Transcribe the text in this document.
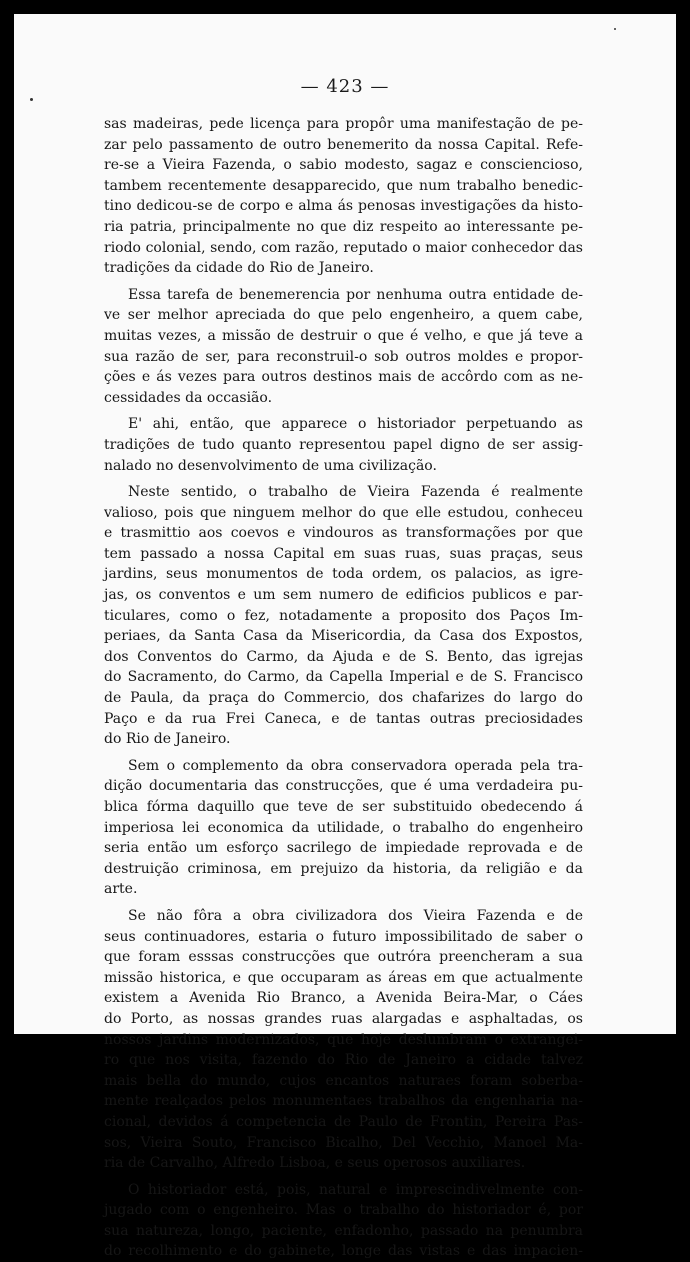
— 423 —
sas madeiras, pede licença para propôr uma manifestação de pe-
zar pelo passamento de outro benemerito da nossa Capital. Refe-
re-se a Vieira Fazenda, o sabio modesto, sagaz e consciencioso,
tambem recentemente desapparecido, que num trabalho benedic-
tino dedicou-se de corpo e alma ás penosas investigações da histo-
ria patria, principalmente no que diz respeito ao interessante pe-
riodo colonial, sendo, com razão, reputado o maior conhecedor das
tradições da cidade do Rio de Janeiro.
Essa tarefa de benemerencia por nenhuma outra entidade de-
ve ser melhor apreciada do que pelo engenheiro, a quem cabe,
muitas vezes, a missão de destruir o que é velho, e que já teve a
sua razão de ser, para reconstruil-o sob outros moldes e propor-
ções e ás vezes para outros destinos mais de accôrdo com as ne-
cessidades da occasião.
E' ahi, então, que apparece o historiador perpetuando as
tradições de tudo quanto representou papel digno de ser assig-
nalado no desenvolvimento de uma civilização.
Neste sentido, o trabalho de Vieira Fazenda é realmente
valioso, pois que ninguem melhor do que elle estudou, conheceu
e trasmittio aos coevos e vindouros as transformações por que
tem passado a nossa Capital em suas ruas, suas praças, seus
jardins, seus monumentos de toda ordem, os palacios, as igre-
jas, os conventos e um sem numero de edificios publicos e par-
ticulares, como o fez, notadamente a proposito dos Paços Im-
periaes, da Santa Casa da Misericordia, da Casa dos Expostos,
dos Conventos do Carmo, da Ajuda e de S. Bento, das igrejas
do Sacramento, do Carmo, da Capella Imperial e de S. Francisco
de Paula, da praça do Commercio, dos chafarizes do largo do
Paço e da rua Frei Caneca, e de tantas outras preciosidades
do Rio de Janeiro.
Sem o complemento da obra conservadora operada pela tra-
dição documentaria das construcções, que é uma verdadeira pu-
blica fórma daquillo que teve de ser substituido obedecendo á
imperiosa lei economica da utilidade, o trabalho do engenheiro
seria então um esforço sacrilego de impiedade reprovada e de
destruição criminosa, em prejuizo da historia, da religião e da
arte.
Se não fôra a obra civilizadora dos Vieira Fazenda e de
seus continuadores, estaria o futuro impossibilitado de saber o
que foram esssas construcções que outróra preencheram a sua
missão historica, e que occuparam as áreas em que actualmente
existem a Avenida Rio Branco, a Avenida Beira-Mar, o Cáes
do Porto, as nossas grandes ruas alargadas e asphaltadas, os
nossos jardins modernizados, que hoje deslumbram o extrangei-
ro que nos visita, fazendo do Rio de Janeiro a cidade talvez
mais bella do mundo, cujos encantos naturaes foram soberba-
mente realçados pelos monumentaes trabalhos da engenharia na-
cional, devidos á competencia de Paulo de Frontin, Pereira Pas-
sos, Vieira Souto, Francisco Bicalho, Del Vecchio, Manoel Ma-
ria de Carvalho, Alfredo Lisboa, e seus operosos auxiliares.
O historiador está, pois, natural e imprescindivelmente con-
jugado com o engenheiro. Mas o trabalho do historiador é, por
sua natureza, longo, paciente, enfadonho, passado na penumbra
do recolhimento e do gabinete, longe das vistas e das impacien-
